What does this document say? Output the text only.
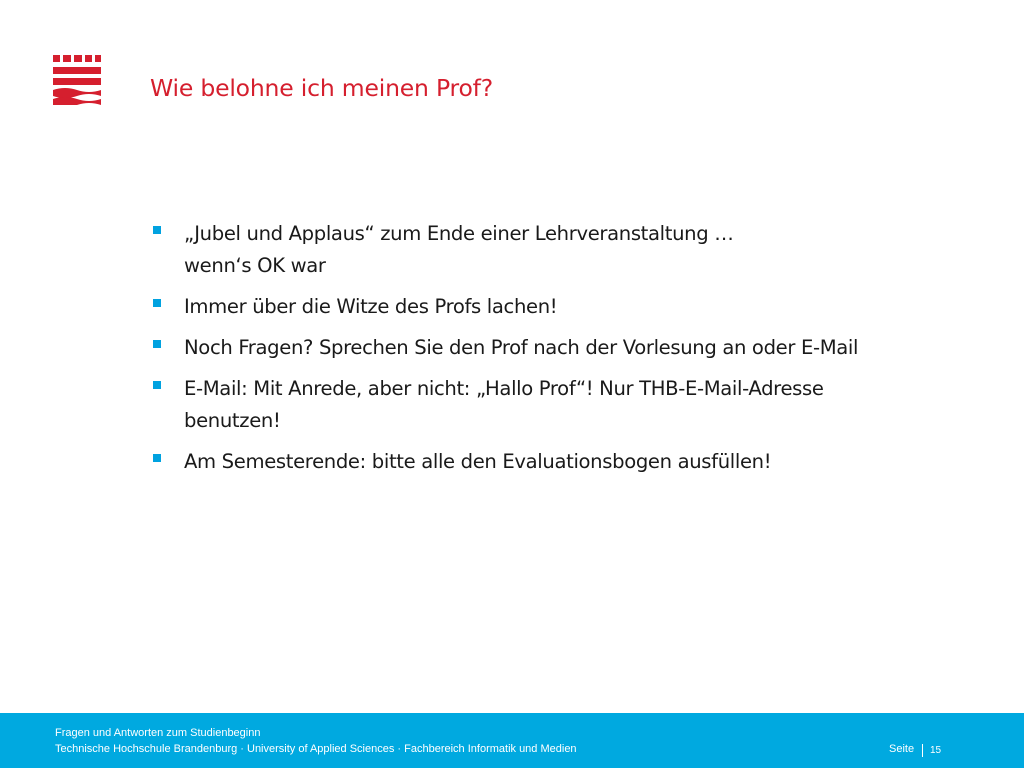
Wie belohne ich meinen Prof?
„Jubel und Applaus“ zum Ende einer Lehrveranstaltung …
wenn‘s OK war
Immer über die Witze des Profs lachen!
Noch Fragen? Sprechen Sie den Prof nach der Vorlesung an oder E-Mail
E-Mail: Mit Anrede, aber nicht: „Hallo Prof“! Nur THB-E-Mail-Adresse
benutzen!
Am Semesterende: bitte alle den Evaluationsbogen ausfüllen!
Fragen und Antworten zum Studienbeginn
Technische Hochschule Brandenburg · University of Applied Sciences · Fachbereich Informatik und Medien	Seite 15
